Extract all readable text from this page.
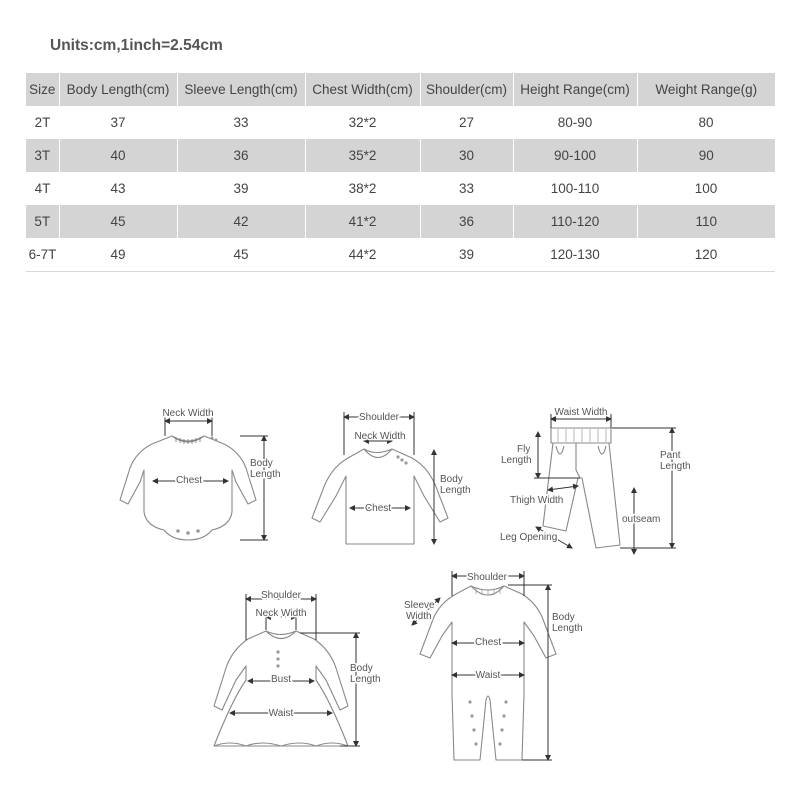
Units:cm,1inch=2.54cm
Size	Body Length(cm)	Sleeve Length(cm)	Chest Width(cm)	Shoulder(cm)	Height Range(cm)	Weight Range(g)
2T	37	33	32*2	27	80-90	80
3T	40	36	35*2	30	90-100	90
4T	43	39	38*2	33	100-110	100
5T	45	42	41*2	36	110-120	110
6-7T	49	45	44*2	39	120-130	120
Neck Width
Chest
Body
Length
Shoulder
Neck Width
Chest
Body
Length
Waist Width
Fly
Length	Pant
Length
Thigh Width
outseam
Leg Opening
Shoulder
Neck Width
Bust
Waist
Body
Length
Shoulder
Sleeve
Width
Chest
Waist
Body
Length
